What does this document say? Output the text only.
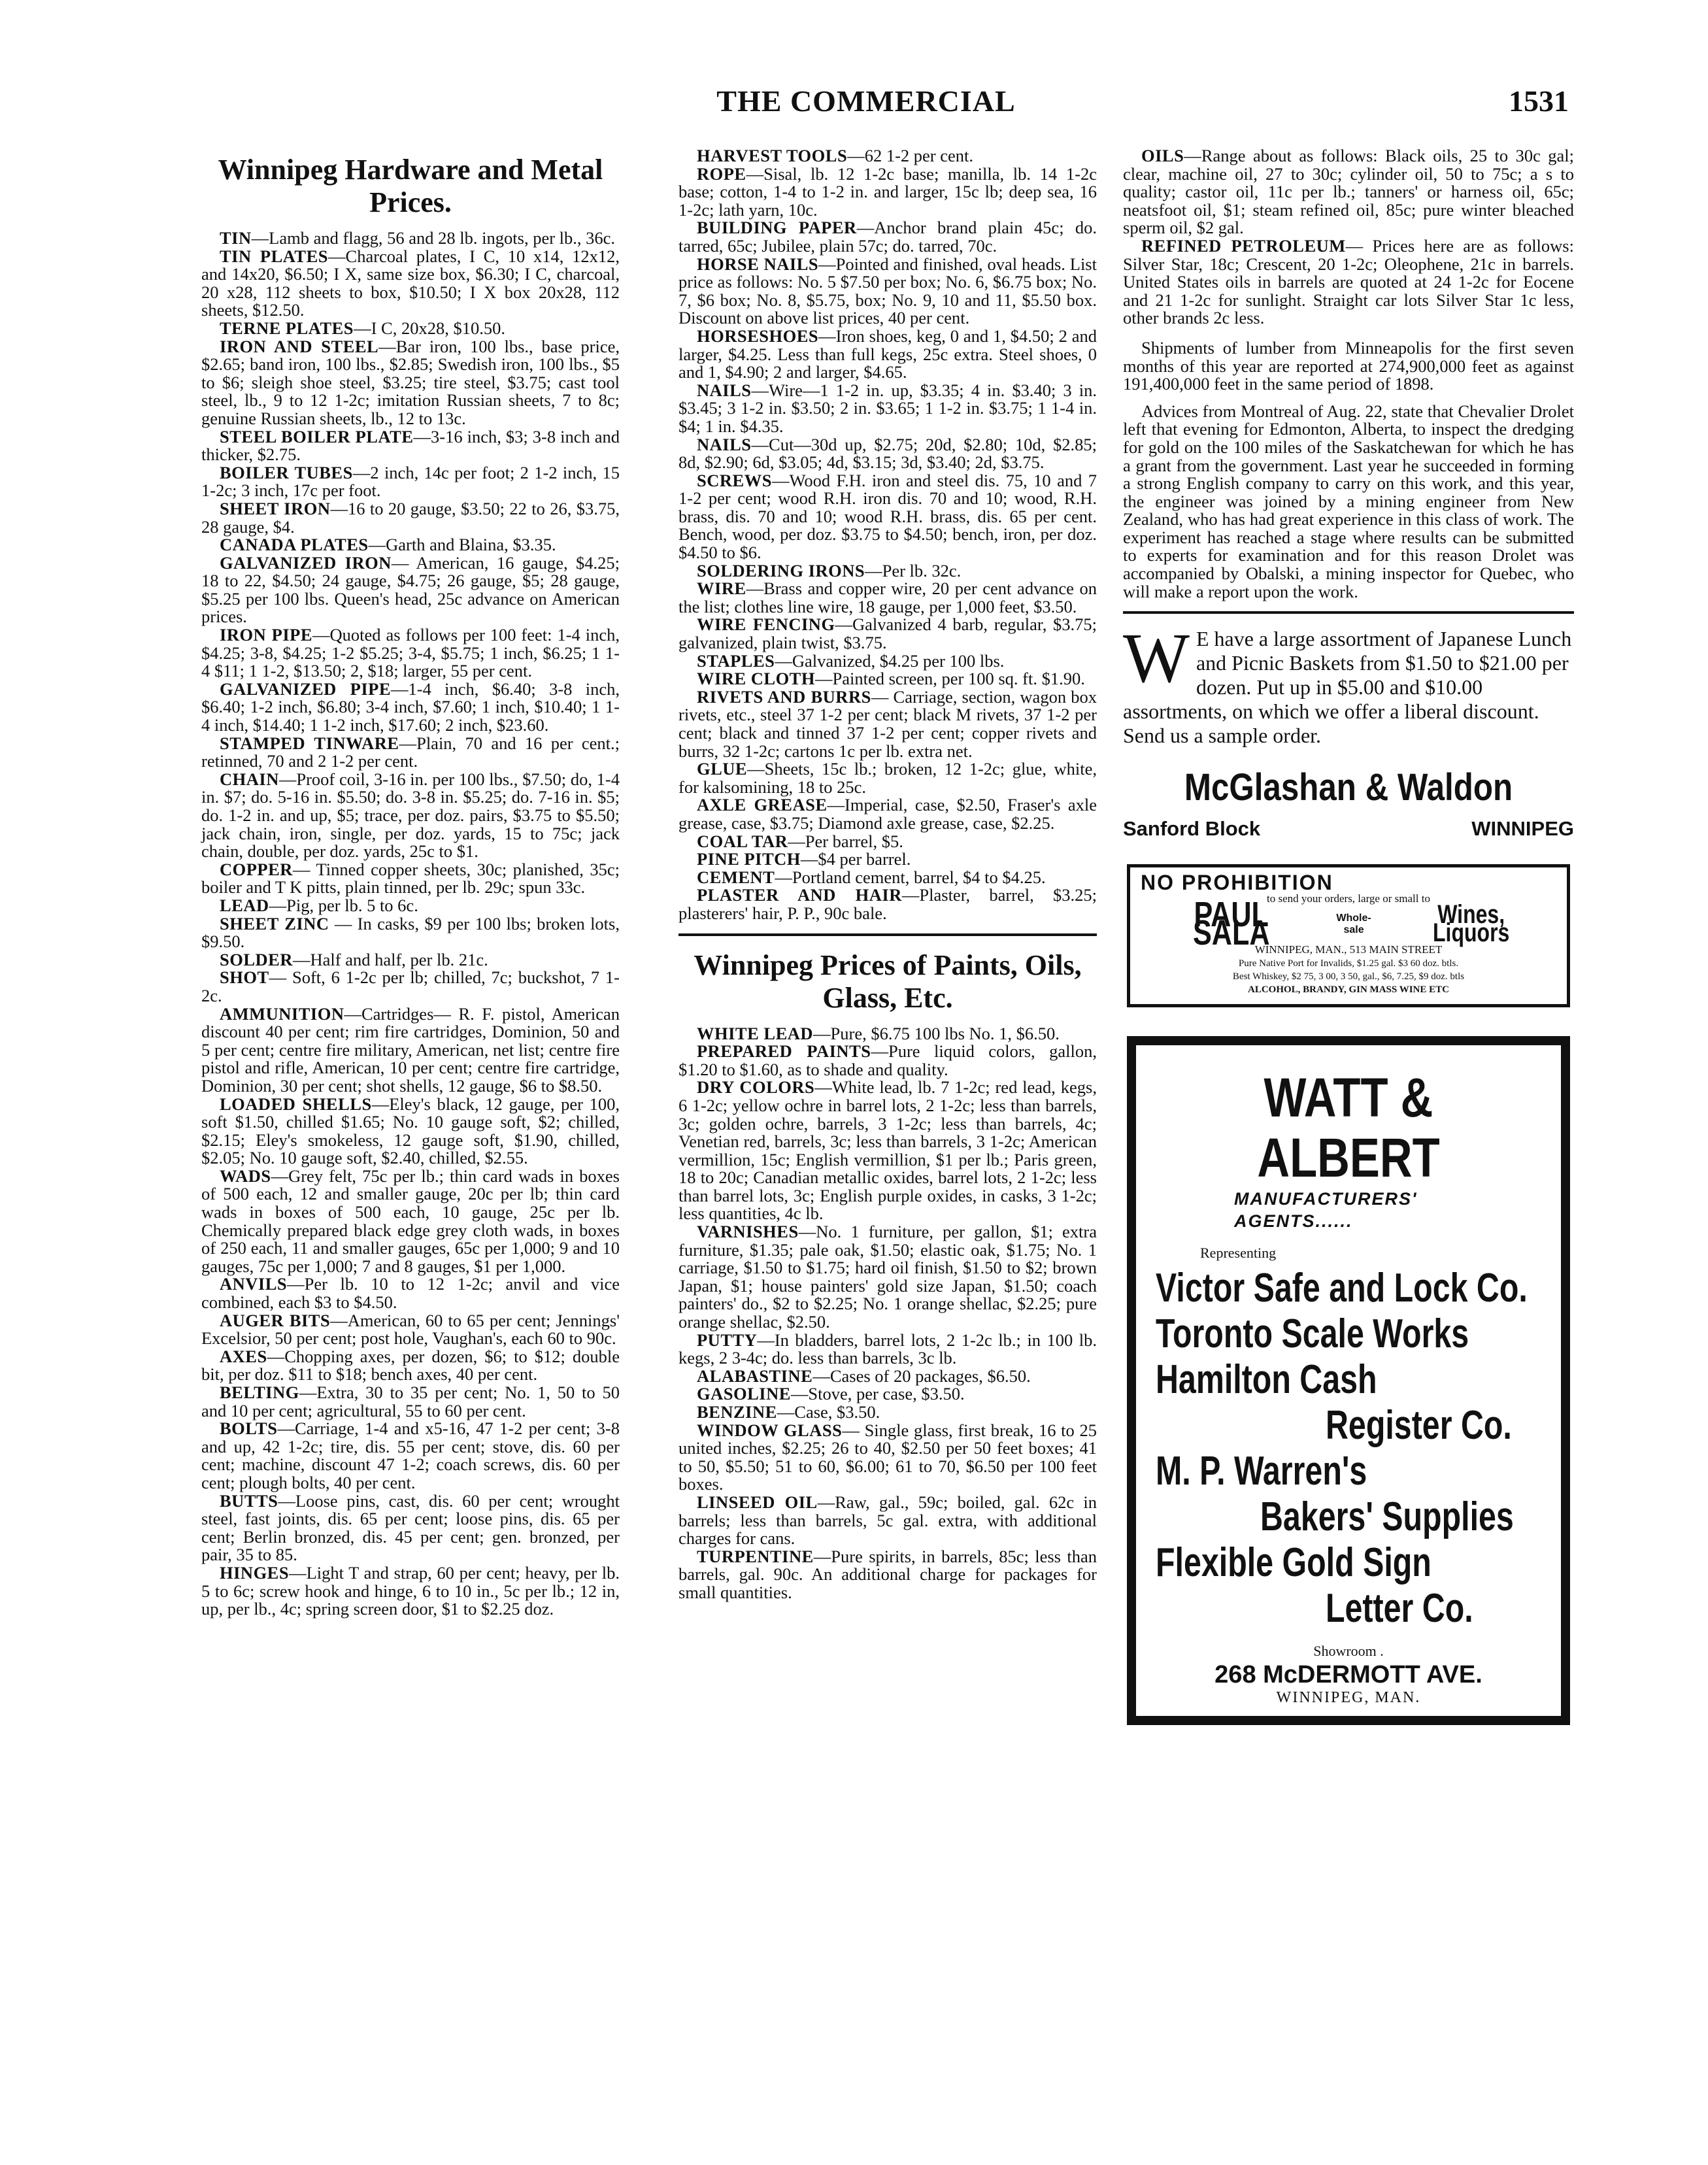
THE COMMERCIAL	1531
Winnipeg Hardware and Metal Prices.

TIN—Lamb and flagg, 56 and 28 lb. ingots, per lb., 36c.

TIN PLATES—Charcoal plates, I C, 10 x14, 12x12, and 14x20, $6.50; I X, same size box, $6.30; I C, charcoal, 20 x28, 112 sheets to box, $10.50; I X box 20x28, 112 sheets, $12.50.

TERNE PLATES—I C, 20x28, $10.50.

IRON AND STEEL—Bar iron, 100 lbs., base price, $2.65; band iron, 100 lbs., $2.85; Swedish iron, 100 lbs., $5 to $6; sleigh shoe steel, $3.25; tire steel, $3.75; cast tool steel, lb., 9 to 12 1-2c; imitation Russian sheets, 7 to 8c; genuine Russian sheets, lb., 12 to 13c.

STEEL BOILER PLATE—3-16 inch, $3; 3-8 inch and thicker, $2.75.

BOILER TUBES—2 inch, 14c per foot; 2 1-2 inch, 15 1-2c; 3 inch, 17c per foot.

SHEET IRON—16 to 20 gauge, $3.50; 22 to 26, $3.75, 28 gauge, $4.

CANADA PLATES—Garth and Blaina, $3.35.

GALVANIZED IRON— American, 16 gauge, $4.25; 18 to 22, $4.50; 24 gauge, $4.75; 26 gauge, $5; 28 gauge, $5.25 per 100 lbs. Queen's head, 25c advance on American prices.

IRON PIPE—Quoted as follows per 100 feet: 1-4 inch, $4.25; 3-8, $4.25; 1-2 $5.25; 3-4, $5.75; 1 inch, $6.25; 1 1-4 $11; 1 1-2, $13.50; 2, $18; larger, 55 per cent.

GALVANIZED PIPE—1-4 inch, $6.40; 3-8 inch, $6.40; 1-2 inch, $6.80; 3-4 inch, $7.60; 1 inch, $10.40; 1 1-4 inch, $14.40; 1 1-2 inch, $17.60; 2 inch, $23.60.

STAMPED TINWARE—Plain, 70 and 16 per cent.; retinned, 70 and 2 1-2 per cent.

CHAIN—Proof coil, 3-16 in. per 100 lbs., $7.50; do, 1-4 in. $7; do. 5-16 in. $5.50; do. 3-8 in. $5.25; do. 7-16 in. $5; do. 1-2 in. and up, $5; trace, per doz. pairs, $3.75 to $5.50; jack chain, iron, single, per doz. yards, 15 to 75c; jack chain, double, per doz. yards, 25c to $1.

COPPER— Tinned copper sheets, 30c; planished, 35c; boiler and T K pitts, plain tinned, per lb. 29c; spun 33c.

LEAD—Pig, per lb. 5 to 6c.

SHEET ZINC — In casks, $9 per 100 lbs; broken lots, $9.50.

SOLDER—Half and half, per lb. 21c.

SHOT— Soft, 6 1-2c per lb; chilled, 7c; buckshot, 7 1-2c.

AMMUNITION—Cartridges— R. F. pistol, American discount 40 per cent; rim fire cartridges, Dominion, 50 and 5 per cent; centre fire military, American, net list; centre fire pistol and rifle, American, 10 per cent; centre fire cartridge, Dominion, 30 per cent; shot shells, 12 gauge, $6 to $8.50.

LOADED SHELLS—Eley's black, 12 gauge, per 100, soft $1.50, chilled $1.65; No. 10 gauge soft, $2; chilled, $2.15; Eley's smokeless, 12 gauge soft, $1.90, chilled, $2.05; No. 10 gauge soft, $2.40, chilled, $2.55.

WADS—Grey felt, 75c per lb.; thin card wads in boxes of 500 each, 12 and smaller gauge, 20c per lb; thin card wads in boxes of 500 each, 10 gauge, 25c per lb. Chemically prepared black edge grey cloth wads, in boxes of 250 each, 11 and smaller gauges, 65c per 1,000; 9 and 10 gauges, 75c per 1,000; 7 and 8 gauges, $1 per 1,000.

ANVILS—Per lb. 10 to 12 1-2c; anvil and vice combined, each $3 to $4.50.

AUGER BITS—American, 60 to 65 per cent; Jennings' Excelsior, 50 per cent; post hole, Vaughan's, each 60 to 90c.

AXES—Chopping axes, per dozen, $6; to $12; double bit, per doz. $11 to $18; bench axes, 40 per cent.

BELTING—Extra, 30 to 35 per cent; No. 1, 50 to 50 and 10 per cent; agricultural, 55 to 60 per cent.

BOLTS—Carriage, 1-4 and x5-16, 47 1-2 per cent; 3-8 and up, 42 1-2c; tire, dis. 55 per cent; stove, dis. 60 per cent; machine, discount 47 1-2; coach screws, dis. 60 per cent; plough bolts, 40 per cent.

BUTTS—Loose pins, cast, dis. 60 per cent; wrought steel, fast joints, dis. 65 per cent; loose pins, dis. 65 per cent; Berlin bronzed, dis. 45 per cent; gen. bronzed, per pair, 35 to 85.

HINGES—Light T and strap, 60 per cent; heavy, per lb. 5 to 6c; screw hook and hinge, 6 to 10 in., 5c per lb.; 12 in, up, per lb., 4c; spring screen door, $1 to $2.25 doz.

HARVEST TOOLS—62 1-2 per cent.

ROPE—Sisal, lb. 12 1-2c base; manilla, lb. 14 1-2c base; cotton, 1-4 to 1-2 in. and larger, 15c lb; deep sea, 16 1-2c; lath yarn, 10c.

BUILDING PAPER—Anchor brand plain 45c; do. tarred, 65c; Jubilee, plain 57c; do. tarred, 70c.

HORSE NAILS—Pointed and finished, oval heads. List price as follows: No. 5 $7.50 per box; No. 6, $6.75 box; No. 7, $6 box; No. 8, $5.75, box; No. 9, 10 and 11, $5.50 box. Discount on above list prices, 40 per cent.

HORSESHOES—Iron shoes, keg, 0 and 1, $4.50; 2 and larger, $4.25. Less than full kegs, 25c extra. Steel shoes, 0 and 1, $4.90; 2 and larger, $4.65.

NAILS—Wire—1 1-2 in. up, $3.35; 4 in. $3.40; 3 in. $3.45; 3 1-2 in. $3.50; 2 in. $3.65; 1 1-2 in. $3.75; 1 1-4 in. $4; 1 in. $4.35.

NAILS—Cut—30d up, $2.75; 20d, $2.80; 10d, $2.85; 8d, $2.90; 6d, $3.05; 4d, $3.15; 3d, $3.40; 2d, $3.75.

SCREWS—Wood F.H. iron and steel dis. 75, 10 and 7 1-2 per cent; wood R.H. iron dis. 70 and 10; wood, R.H. brass, dis. 70 and 10; wood R.H. brass, dis. 65 per cent. Bench, wood, per doz. $3.75 to $4.50; bench, iron, per doz. $4.50 to $6.

SOLDERING IRONS—Per lb. 32c.

WIRE—Brass and copper wire, 20 per cent advance on the list; clothes line wire, 18 gauge, per 1,000 feet, $3.50.

WIRE FENCING—Galvanized 4 barb, regular, $3.75; galvanized, plain twist, $3.75.

STAPLES—Galvanized, $4.25 per 100 lbs.

WIRE CLOTH—Painted screen, per 100 sq. ft. $1.90.

RIVETS AND BURRS— Carriage, section, wagon box rivets, etc., steel 37 1-2 per cent; black M rivets, 37 1-2 per cent; black and tinned 37 1-2 per cent; copper rivets and burrs, 32 1-2c; cartons 1c per lb. extra net.

GLUE—Sheets, 15c lb.; broken, 12 1-2c; glue, white, for kalsomining, 18 to 25c.

AXLE GREASE—Imperial, case, $2.50, Fraser's axle grease, case, $3.75; Diamond axle grease, case, $2.25.

COAL TAR—Per barrel, $5.

PINE PITCH—$4 per barrel.

CEMENT—Portland cement, barrel, $4 to $4.25.

PLASTER AND HAIR—Plaster, barrel, $3.25; plasterers' hair, P. P., 90c bale.

Winnipeg Prices of Paints, Oils, Glass, Etc.

WHITE LEAD—Pure, $6.75 100 lbs No. 1, $6.50.

PREPARED PAINTS—Pure liquid colors, gallon, $1.20 to $1.60, as to shade and quality.

DRY COLORS—White lead, lb. 7 1-2c; red lead, kegs, 6 1-2c; yellow ochre in barrel lots, 2 1-2c; less than barrels, 3c; golden ochre, barrels, 3 1-2c; less than barrels, 4c; Venetian red, barrels, 3c; less than barrels, 3 1-2c; American vermillion, 15c; English vermillion, $1 per lb.; Paris green, 18 to 20c; Canadian metallic oxides, barrel lots, 2 1-2c; less than barrel lots, 3c; English purple oxides, in casks, 3 1-2c; less quantities, 4c lb.

VARNISHES—No. 1 furniture, per gallon, $1; extra furniture, $1.35; pale oak, $1.50; elastic oak, $1.75; No. 1 carriage, $1.50 to $1.75; hard oil finish, $1.50 to $2; brown Japan, $1; house painters' gold size Japan, $1.50; coach painters' do., $2 to $2.25; No. 1 orange shellac, $2.25; pure orange shellac, $2.50.

PUTTY—In bladders, barrel lots, 2 1-2c lb.; in 100 lb. kegs, 2 3-4c; do. less than barrels, 3c lb.

ALABASTINE—Cases of 20 packages, $6.50.

GASOLINE—Stove, per case, $3.50.

BENZINE—Case, $3.50.

WINDOW GLASS— Single glass, first break, 16 to 25 united inches, $2.25; 26 to 40, $2.50 per 50 feet boxes; 41 to 50, $5.50; 51 to 60, $6.00; 61 to 70, $6.50 per 100 feet boxes.

LINSEED OIL—Raw, gal., 59c; boiled, gal. 62c in barrels; less than barrels, 5c gal. extra, with additional charges for cans.

TURPENTINE—Pure spirits, in barrels, 85c; less than barrels, gal. 90c. An additional charge for packages for small quantities.

OILS—Range about as follows: Black oils, 25 to 30c gal; clear, machine oil, 27 to 30c; cylinder oil, 50 to 75c; a s to quality; castor oil, 11c per lb.; tanners' or harness oil, 65c; neatsfoot oil, $1; steam refined oil, 85c; pure winter bleached sperm oil, $2 gal.

REFINED PETROLEUM— Prices here are as follows: Silver Star, 18c; Crescent, 20 1-2c; Oleophene, 21c in barrels. United States oils in barrels are quoted at 24 1-2c for Eocene and 21 1-2c for sunlight. Straight car lots Silver Star 1c less, other brands 2c less.

Shipments of lumber from Minneapolis for the first seven months of this year are reported at 274,900,000 feet as against 191,400,000 feet in the same period of 1898.

Advices from Montreal of Aug. 22, state that Chevalier Drolet left that evening for Edmonton, Alberta, to inspect the dredging for gold on the 100 miles of the Saskatchewan for which he has a grant from the government. Last year he succeeded in forming a strong English company to carry on this work, and this year, the engineer was joined by a mining engineer from New Zealand, who has had great experience in this class of work. The experiment has reached a stage where results can be submitted to experts for examination and for this reason Drolet was accompanied by Obalski, a mining inspector for Quebec, who will make a report upon the work.

W E have a large assortment of Japanese Lunch and Picnic Baskets from $1.50 to $21.00 per dozen. Put up in $5.00 and $10.00 assortments, on which we offer a liberal discount. Send us a sample order.
McGlashan & Waldon
Sanford Block	WINNIPEG
NO PROHIBITION
to send your orders, large or small to
PAUL SALA	Whole-sale
Wines, Liquors
WINNIPEG, MAN., 513 MAIN STREET
Pure Native Port for Invalids, $1.25 gal. $3 60 doz. btls.
Best Whiskey, $2 75, 3 00, 3 50, gal., $6, 7.25, $9 doz. btls
ALCOHOL, BRANDY, GIN MASS WINE ETC
WATT & ALBERT
MANUFACTURERS'
AGENTS......
Representing
Victor Safe and Lock Co.
Toronto Scale Works
Hamilton Cash
Register Co.
M. P. Warren's
Bakers' Supplies
Flexible Gold Sign
Letter Co.
Showroom .
268 McDERMOTT AVE.
WINNIPEG, MAN.
